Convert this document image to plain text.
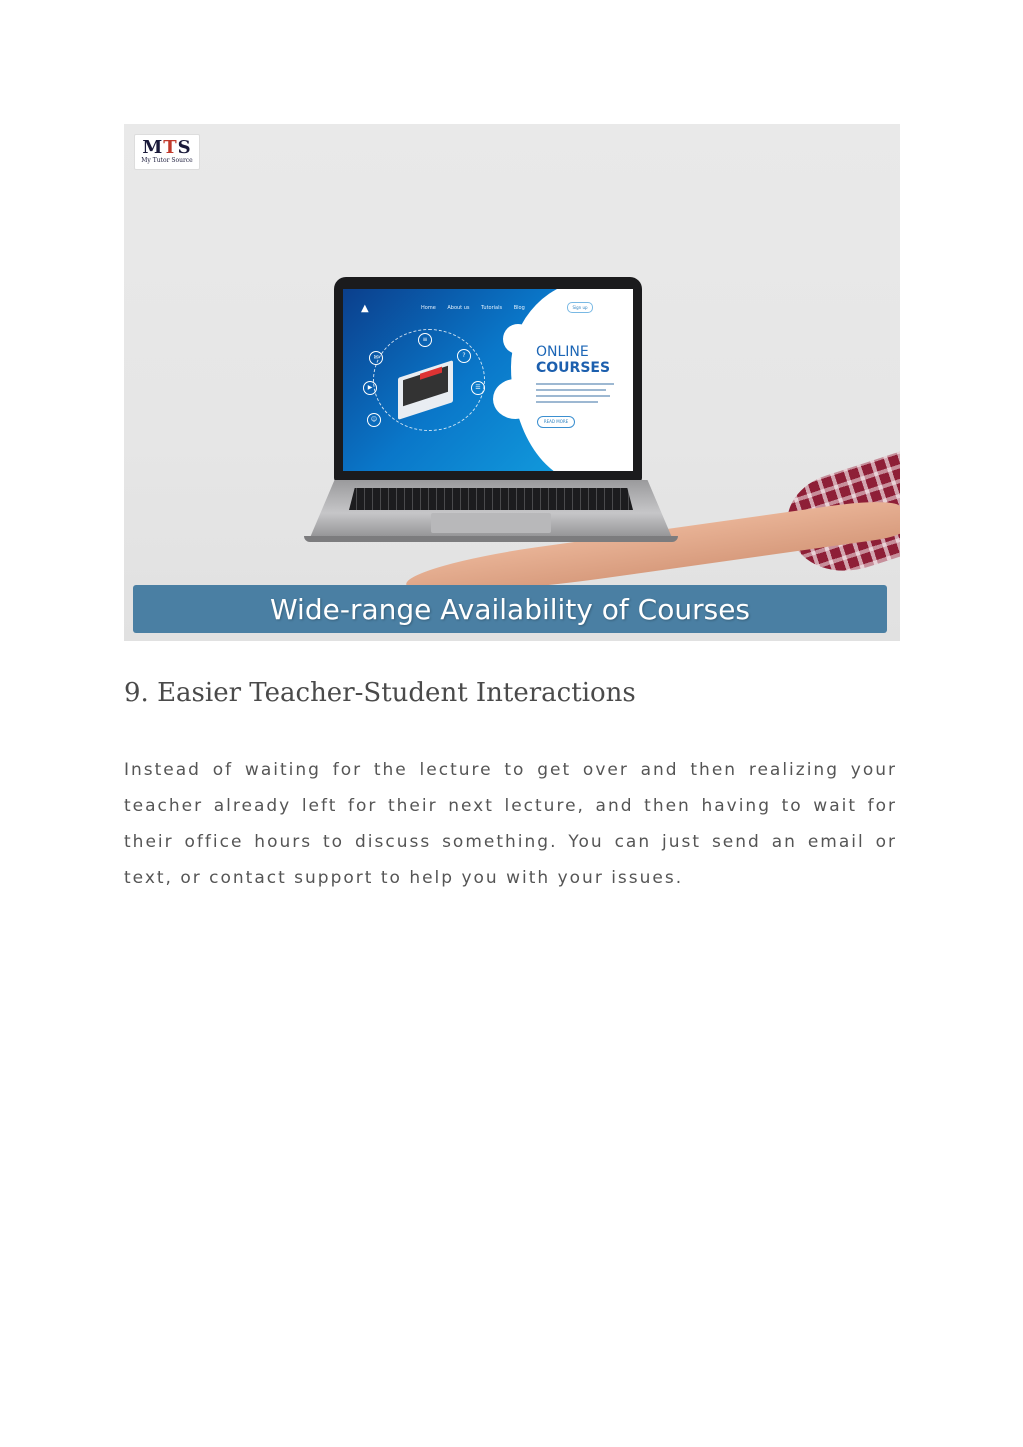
MTS
My Tutor Source
✉
▶
☺
≡
?
☰
▲	Home About us Tutorials Blog	Sign up
ONLINE
COURSES
READ MORE
Wide-range Availability of Courses
9. Easier Teacher-Student Interactions

Instead of waiting for the lecture to get over and then realizing your teacher already left for their next lecture, and then having to wait for their office hours to discuss something. You can just send an email or text, or contact support to help you with your issues.
